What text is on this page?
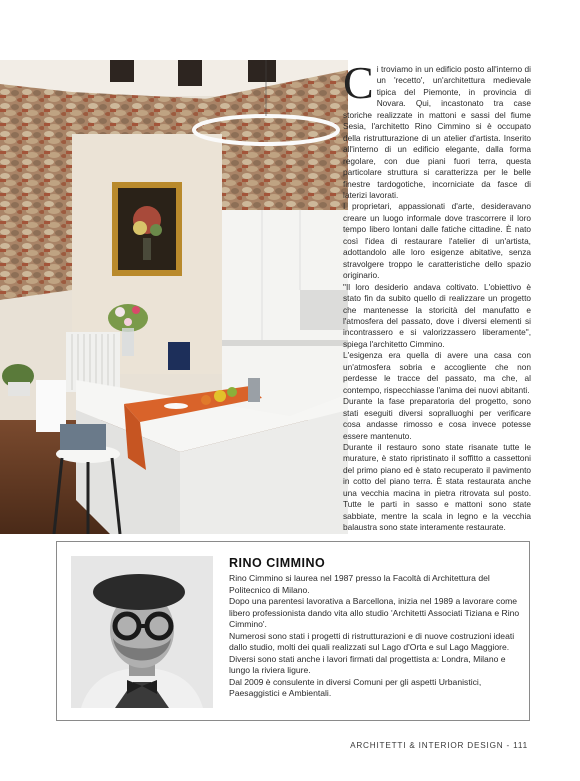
Ci troviamo in un edificio posto all'interno di un 'recetto', un'architettura medievale tipica del Piemonte, in provincia di Novara. Qui, incastonato tra case storiche realizzate in mattoni e sassi del fiume Sesia, l'architetto Rino Cimmino si è occupato della ristrutturazione di un atelier d'artista. Inserito all'interno di un edificio elegante, dalla forma regolare, con due piani fuori terra, questa particolare struttura si caratterizza per le belle finestre tardogotiche, incorniciate da fasce di laterizi lavorati.

I proprietari, appassionati d'arte, desideravano creare un luogo informale dove trascorrere il loro tempo libero lontani dalle fatiche cittadine. È nato così l'idea di restaurare l'atelier di un'artista, adottandolo alle loro esigenze abitative, senza stravolgere troppo le caratteristiche dello spazio originario.

"Il loro desiderio andava coltivato. L'obiettivo è stato fin da subito quello di realizzare un progetto che mantenesse la storicità del manufatto e l'atmosfera del passato, dove i diversi elementi si incontrassero e si valorizzassero liberamente", spiega l'architetto Cimmino.

L'esigenza era quella di avere una casa con un'atmosfera sobria e accogliente che non perdesse le tracce del passato, ma che, al contempo, rispecchiasse l'anima dei nuovi abitanti.

Durante la fase preparatoria del progetto, sono stati eseguiti diversi sopralluoghi per verificare cosa andasse rimosso e cosa invece potesse essere mantenuto.

Durante il restauro sono state risanate tutte le murature, è stato ripristinato il soffitto a cassettoni del primo piano ed è stato recuperato il pavimento in cotto del piano terra. È stata restaurata anche una vecchia macina in pietra ritrovata sul posto. Tutte le parti in sasso e mattoni sono state sabbiate, mentre la scala in legno e la vecchia balaustra sono state interamente restaurate.

RINO CIMMINO

Rino Cimmino si laurea nel 1987 presso la Facoltà di Architettura del Politecnico di Milano.

Dopo una parentesi lavorativa a Barcellona, inizia nel 1989 a lavorare come libero professionista dando vita allo studio 'Architetti Associati Tiziana e Rino Cimmino'.

Numerosi sono stati i progetti di ristrutturazioni e di nuove costruzioni ideati dallo studio, molti dei quali realizzati sul Lago d'Orta e sul Lago Maggiore.

Diversi sono stati anche i lavori firmati dal progettista a: Londra, Milano e lungo la riviera ligure.

Dal 2009 è consulente in diversi Comuni per gli aspetti Urbanistici, Paesaggistici e Ambientali.

ARCHITETTI & INTERIOR DESIGN - 111
